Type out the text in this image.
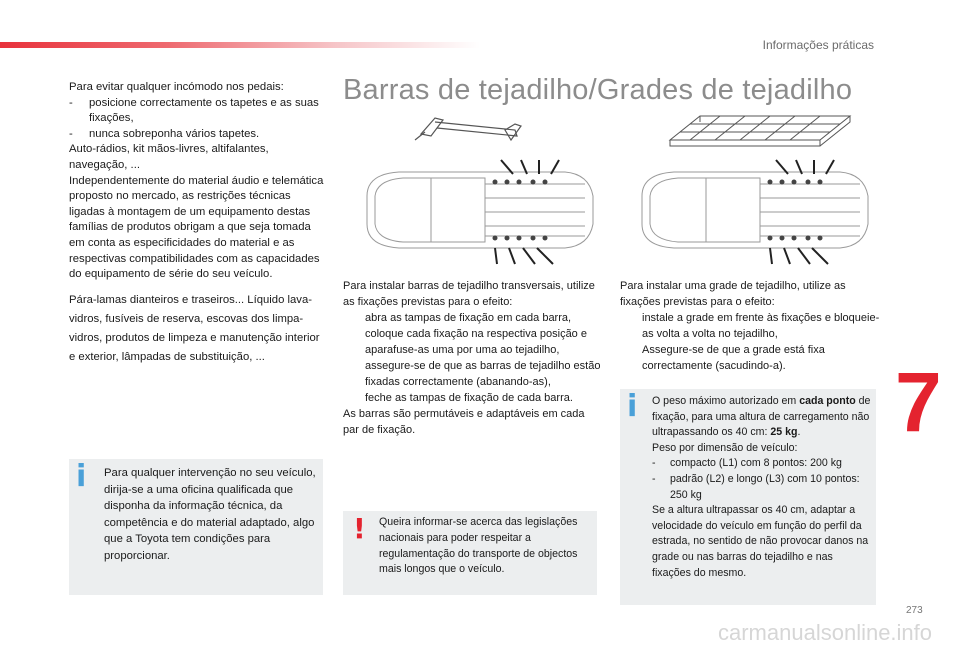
Informações práticas

Para evitar qualquer incómodo nos pedais:

-	posicione correctamente os tapetes e as suas fixações,
-	nunca sobreponha vários tapetes.

Auto-rádios, kit mãos-livres, altifalantes, navegação, ...

Independentemente do material áudio e telemática proposto no mercado, as restrições técnicas ligadas à montagem de um equipamento destas famílias de produtos obrigam a que seja tomada em conta as especificidades do material e as respectivas compatibilidades com as capacidades do equipamento de série do seu veículo.

Pára-lamas dianteiros e traseiros... Líquido lava-vidros, fusíveis de reserva, escovas dos limpa-vidros, produtos de limpeza e manutenção interior e exterior, lâmpadas de substituição, ...

i Para qualquer intervenção no seu veículo, dirija-se a uma oficina qualificada que disponha da informação técnica, da competência e do material adaptado, algo que a Toyota tem condições para proporcionar.
Barras de tejadilho/Grades de tejadilho
Para instalar barras de tejadilho transversais, utilize as fixações previstas para o efeito:
abra as tampas de fixação em cada barra,
coloque cada fixação na respectiva posição e aparafuse-as uma por uma ao tejadilho,
assegure-se de que as barras de tejadilho estão fixadas correctamente (abanando-as),
feche as tampas de fixação de cada barra.
As barras são permutáveis e adaptáveis em cada par de fixação.
! Queira informar-se acerca das legislações nacionais para poder respeitar a regulamentação do transporte de objectos mais longos que o veículo.
Para instalar uma grade de tejadilho, utilize as fixações previstas para o efeito:
instale a grade em frente às fixações e bloqueie-as volta a volta no tejadilho,
Assegure-se de que a grade está fixa correctamente (sacudindo-a).
i O peso máximo autorizado em cada ponto de fixação, para uma altura de carregamento não ultrapassando os 40 cm: 25 kg.
Peso por dimensão de veículo:
-	compacto (L1) com 8 pontos: 200 kg
-	padrão (L2) e longo (L3) com 10 pontos: 250 kg
Se a altura ultrapassar os 40 cm, adaptar a velocidade do veículo em função do perfil da estrada, no sentido de não provocar danos na grade ou nas barras do tejadilho e nas fixações do mesmo.
7
273
carmanualsonline.info
